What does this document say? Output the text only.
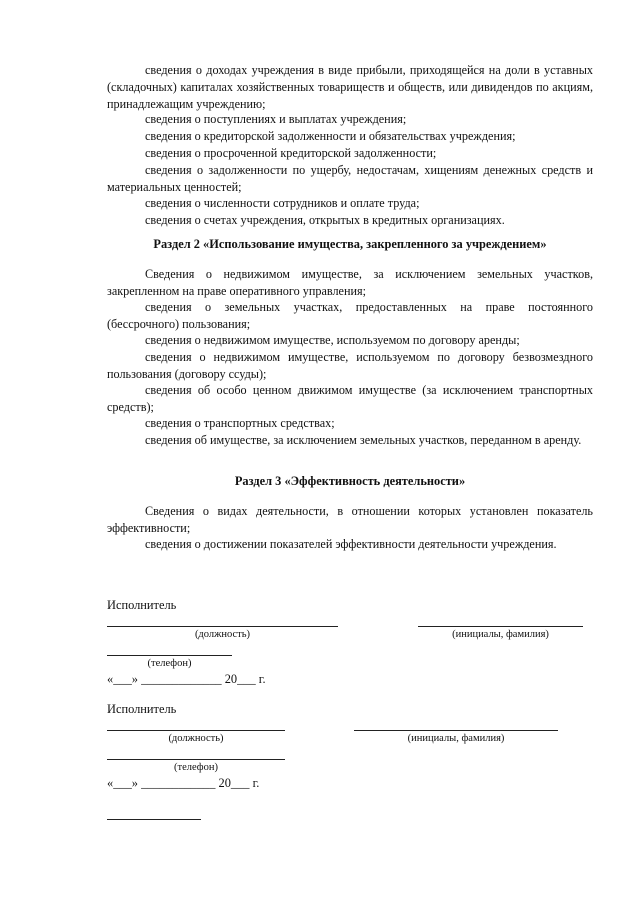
сведения о доходах учреждения в виде прибыли, приходящейся на доли в уставных (складочных) капиталах хозяйственных товариществ и обществ, или дивидендов по акциям, принадлежащим учреждению;

сведения о поступлениях и выплатах учреждения;

сведения о кредиторской задолженности и обязательствах учреждения;

сведения о просроченной кредиторской задолженности;

сведения о задолженности по ущербу, недостачам, хищениям денежных средств и материальных ценностей;

сведения о численности сотрудников и оплате труда;

сведения о счетах учреждения, открытых в кредитных организациях.

Раздел 2 «Использование имущества, закрепленного за учреждением»

Сведения о недвижимом имуществе, за исключением земельных участков, закрепленном на праве оперативного управления;

сведения о земельных участках, предоставленных на праве постоянного (бессрочного) пользования;

сведения о недвижимом имуществе, используемом по договору аренды;

сведения о недвижимом имуществе, используемом по договору безвозмездного пользования (договору ссуды);

сведения об особо ценном движимом имуществе (за исключением транспортных средств);

сведения о транспортных средствах;

сведения об имуществе, за исключением земельных участков, переданном в аренду.

Раздел 3 «Эффективность деятельности»

Сведения о видах деятельности, в отношении которых установлен показатель эффективности;

сведения о достижении показателей эффективности деятельности учреждения.

Исполнитель
(должность)	(инициалы, фамилия)
(телефон)
«___» _____________ 20___ г.
Исполнитель
(должность)	(инициалы, фамилия)
(телефон)
«___» ____________ 20___ г.
